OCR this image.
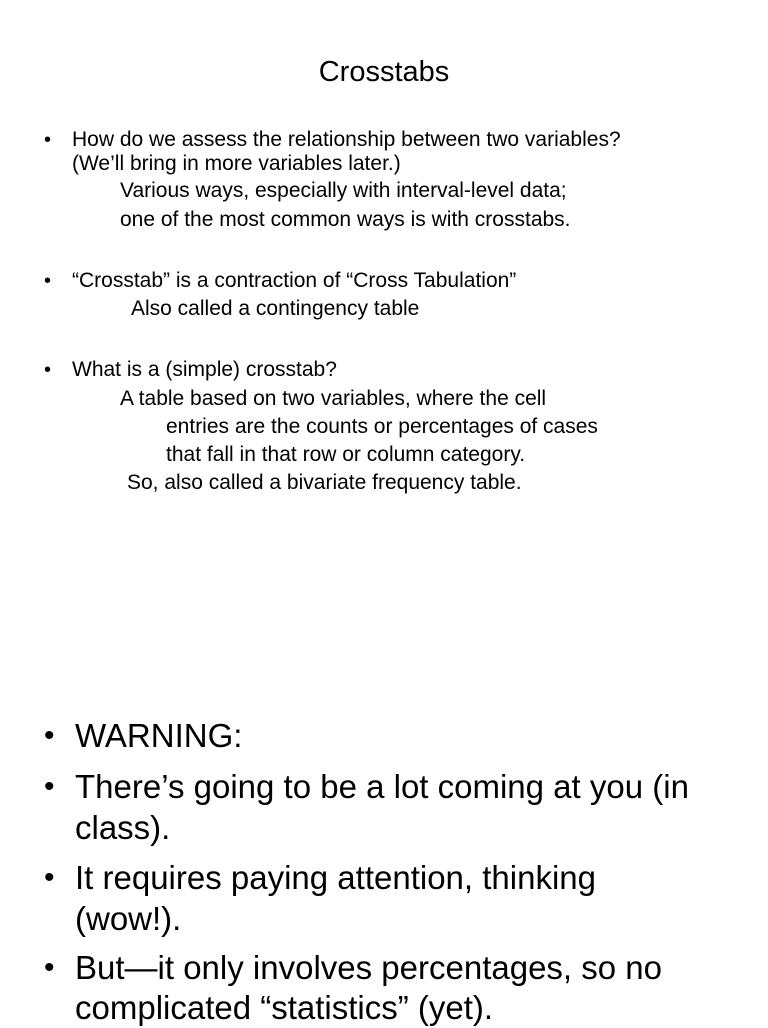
Crosstabs
• How do we assess the relationship between two variables?
(We’ll bring in more variables later.)
Various ways, especially with interval-level data;
one of the most common ways is with crosstabs.
• “Crosstab” is a contraction of “Cross Tabulation”
Also called a contingency table
• What is a (simple) crosstab?
A table based on two variables, where the cell
entries are the counts or percentages of cases
that fall in that row or column category.
So, also called a bivariate frequency table.
• WARNING:
• There’s going to be a lot coming at you (in
class).
• It requires paying attention, thinking
(wow!).
• But—it only involves percentages, so no
complicated “statistics” (yet).
